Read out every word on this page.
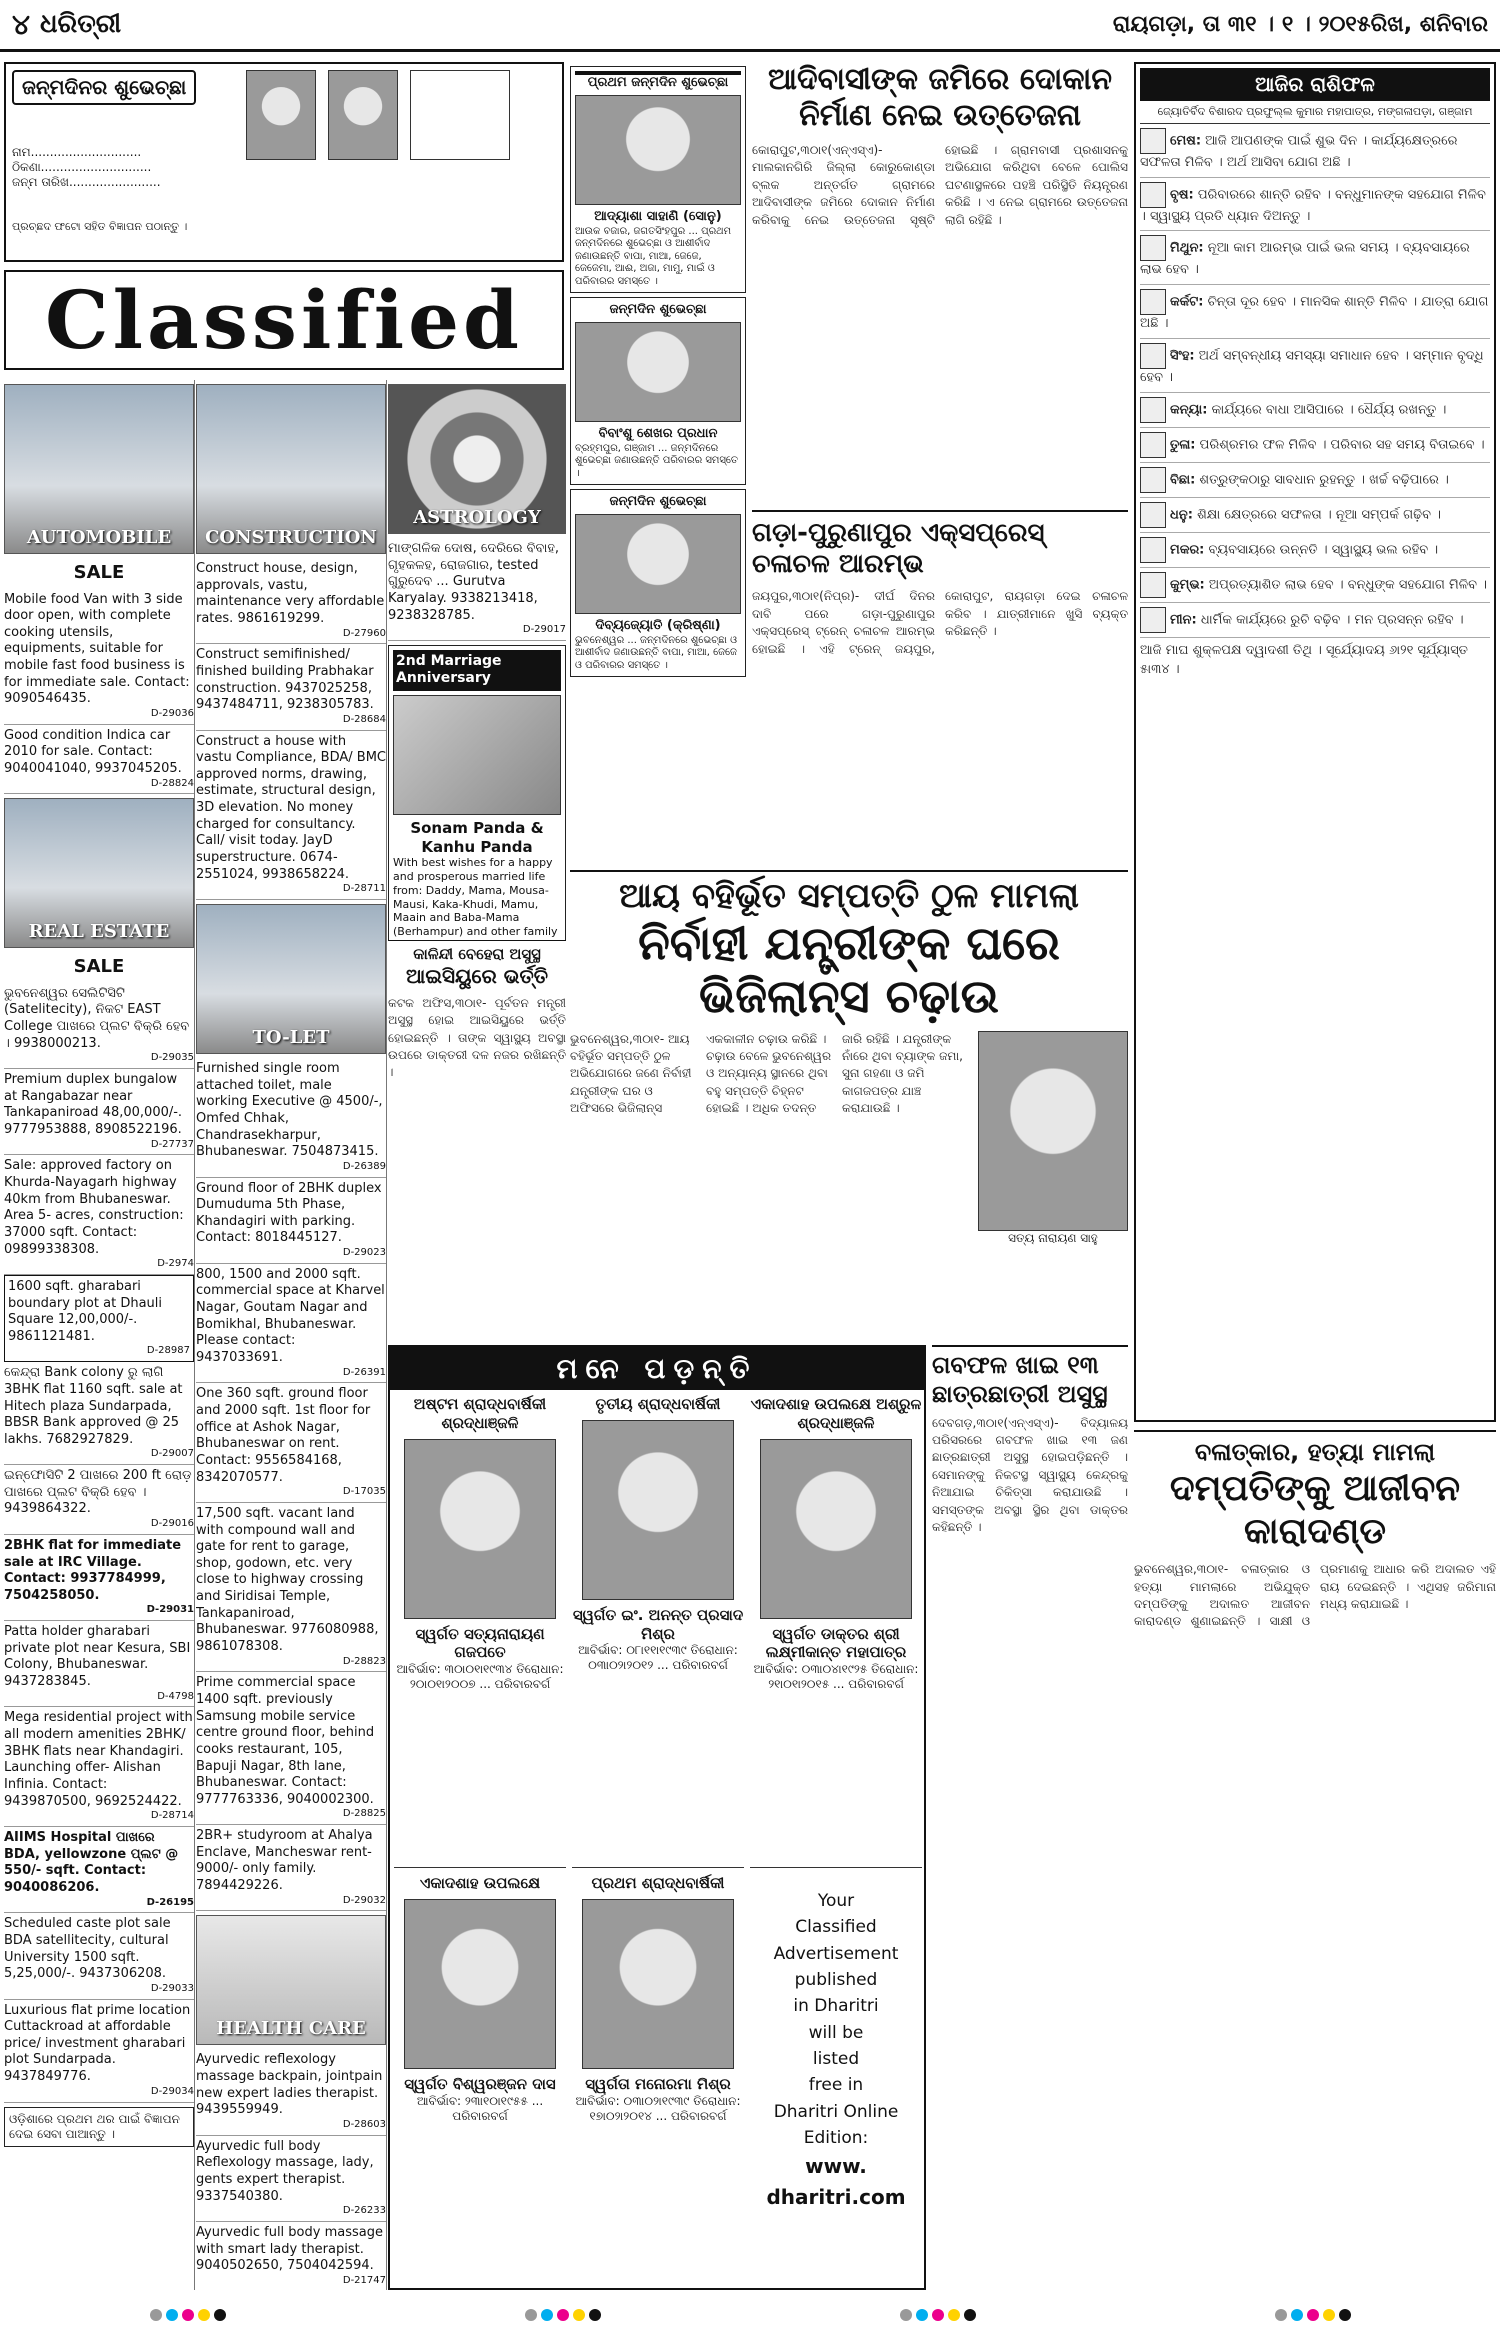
୪ ଧରିତ୍ରୀ	ରାୟଗଡ଼ା, ତା ୩୧ । ୧ । ୨୦୧୫ରିଖ, ଶନିବାର
ଜନ୍ମଦିନର ଶୁଭେଚ୍ଛା
ନାମ.............................
ଠିକଣା.............................
ଜନ୍ମ ତାରିଖ........................
ପ୍ରଚ୍ଛଦ ଫଟୋ ସହିତ ବିଜ୍ଞାପନ ପଠାନ୍ତୁ ।
Classified
AUTOMOBILE
SALE
Mobile food Van with 3 side door open, with complete cooking utensils, equipments, suitable for mobile fast food business is for immediate sale. Contact: 9090546435.
D-29036
Good condition Indica car 2010 for sale. Contact: 9040041040, 9937045205.
D-28824
REAL ESTATE
SALE
ଭୁବନେଶ୍ୱର ସେଲିଟିସିଟି (Satelitecity), ନିକଟ EAST College ପାଖରେ ପ୍ଲଟ ବିକ୍ରି ହେବ । 9938000213.
D-29035
Premium duplex bungalow at Rangabazar near Tankapaniroad 48,00,000/-. 9777953888, 8908522196.
D-27737
Sale: approved factory on Khurda-Nayagarh highway 40km from Bhubaneswar. Area 5- acres, construction: 37000 sqft. Contact: 09899338308.
D-2974
1600 sqft. gharabari boundary plot at Dhauli Square 12,00,000/-. 9861121481.
D-28987
କେନ୍ଦ୍ରା Bank colony ରୁ ଲାଗି 3BHK flat 1160 sqft. sale at Hitech plaza Sundarpada, BBSR Bank approved @ 25 lakhs. 7682927829.
D-29007
ଇନ୍‌ଫୋସିଟି 2 ପାଖରେ 200 ft ରୋଡ଼ ପାଖରେ ପ୍ଲଟ ବିକ୍ରି ହେବ । 9439864322.
D-29016
2BHK flat for immediate sale at IRC Village. Contact: 9937784999, 7504258050.
D-29031
Patta holder gharabari private plot near Kesura, SBI Colony, Bhubaneswar. 9437283845.
D-4798
Mega residential project with all modern amenities 2BHK/ 3BHK flats near Khandagiri. Launching offer- Alishan Infinia. Contact: 9439870500, 9692524422.
D-28714
AIIMS Hospital ପାଖରେ BDA, yellowzone ପ୍ଲଟ @ 550/- sqft. Contact: 9040086206.
D-26195
Scheduled caste plot sale BDA satellitecity, cultural University 1500 sqft. 5,25,000/-. 9437306208.
D-29033
Luxurious flat prime location Cuttackroad at affordable price/ investment gharabari plot Sundarpada. 9437849776.
D-29034
ଓଡ଼ିଶାରେ ପ୍ରଥମ ଥର ପାଇଁ ବିଜ୍ଞାପନ ଦେଇ ସେବା ପାଆନ୍ତୁ ।
CONSTRUCTION
Construct house, design, approvals, vastu, maintenance very affordable rates. 9861619299.
D-27960
Construct semifinished/ finished building Prabhakar construction. 9437025258, 9437484711, 9238305783.
D-28684
Construct a house with vastu Compliance, BDA/ BMC approved norms, drawing, estimate, structural design, 3D elevation. No money charged for consultancy. Call/ visit today. JayD superstructure. 0674-2551024, 9938658224.
D-28711
TO-LET
Furnished single room attached toilet, male working Executive @ 4500/-, Omfed Chhak, Chandrasekharpur, Bhubaneswar. 7504873415.
D-26389
Ground floor of 2BHK duplex Dumuduma 5th Phase, Khandagiri with parking. Contact: 8018445127.
D-29023
800, 1500 and 2000 sqft. commercial space at Kharvel Nagar, Goutam Nagar and Bomikhal, Bhubaneswar. Please contact: 9437033691.
D-26391
One 360 sqft. ground floor and 2000 sqft. 1st floor for office at Ashok Nagar, Bhubaneswar on rent. Contact: 9556584168, 8342070577.
D-17035
17,500 sqft. vacant land with compound wall and gate for rent to garage, shop, godown, etc. very close to highway crossing and Siridisai Temple, Tankapaniroad, Bhubaneswar. 9776080988, 9861078308.
D-28823
Prime commercial space 1400 sqft. previously Samsung mobile service centre ground floor, behind cooks restaurant, 105, Bapuji Nagar, 8th lane, Bhubaneswar. Contact: 9777763336, 9040002300.
D-28825
2BR+ studyroom at Ahalya Enclave, Mancheswar rent- 9000/- only family. 7894429226.
D-29032
HEALTH CARE
Ayurvedic reflexology massage backpain, jointpain new expert ladies therapist. 9439559949.
D-28603
Ayurvedic full body Reflexology massage, lady, gents expert therapist. 9337540380.
D-26233
Ayurvedic full body massage with smart lady therapist. 9040502650, 7504042594.
D-21747
ASTROLOGY
ମାଙ୍ଗଳିକ ଦୋଷ, ଦେରିରେ ବିବାହ, ଗୃହକଳହ, ରୋଜଗାର, tested ଗୁରୁଦେବ ... Gurutva Karyalay. 9338213418, 9238328785.
D-29017
2nd Marriage Anniversary
Sonam Panda & Kanhu Panda
With best wishes for a happy and prosperous married life from: Daddy, Mama, Mousa-Mausi, Kaka-Khudi, Mamu, Maain and Baba-Mama (Berhampur) and other family
ପ୍ରଥମ ଜନ୍ମଦିନ ଶୁଭେଚ୍ଛା
ଆଦ୍ୟାଶା ସାହାଣି (ସୋନୁ)
ଆଉକ ବଜାର, ଜଗତସିଂହପୁର ... ପ୍ରଥମ ଜନ୍ମଦିନରେ ଶୁଭେଚ୍ଛା ଓ ଆଶୀର୍ବାଦ ଜଣାଉଛନ୍ତି ବାପା, ମାଆ, ଜେଜେ, ଜେଜେମା, ଆଈ, ଅଜା, ମାମୁ, ମାଇଁ ଓ ପରିବାରର ସମସ୍ତେ ।
ଜନ୍ମଦିନ ଶୁଭେଚ୍ଛା
ବିବାଂଶୁ ଶେଖର ପ୍ରଧାନ
ବ୍ରହ୍ମପୁର, ଗଞ୍ଜାମ ... ଜନ୍ମଦିନରେ ଶୁଭେଚ୍ଛା ଜଣାଉଛନ୍ତି ପରିବାରର ସମସ୍ତେ ।
ଜନ୍ମଦିନ ଶୁଭେଚ୍ଛା
ଦିବ୍ୟଜ୍ୟୋତି (କ୍ରିଷ୍ଣା)
ଭୁବନେଶ୍ୱର ... ଜନ୍ମଦିନରେ ଶୁଭେଚ୍ଛା ଓ ଆଶୀର୍ବାଦ ଜଣାଉଛନ୍ତି ବାପା, ମାଆ, ଜେଜେ ଓ ପରିବାରର ସମସ୍ତେ ।
ଆଦିବାସୀଙ୍କ ଜମିରେ ଦୋକାନ ନିର୍ମାଣ ନେଇ ଉତ୍ତେଜନା
କୋରାପୁଟ,୩୦ା୧(ଏନ୍ଏସ୍‌ଏ)- ମାଲକାନଗିରି ଜିଲ୍ଲା କୋରୁକୋଣ୍ଡା ବ୍ଲକ ଅନ୍ତର୍ଗତ ଗ୍ରାମରେ ଆଦିବାସୀଙ୍କ ଜମିରେ ଦୋକାନ ନିର୍ମାଣ କରିବାକୁ ନେଇ ଉତ୍ତେଜନା ସୃଷ୍ଟି ହୋଇଛି । ଗ୍ରାମବାସୀ ପ୍ରଶାସନକୁ ଅଭିଯୋଗ କରିଥିବା ବେଳେ ପୋଲିସ ଘଟଣାସ୍ଥଳରେ ପହଞ୍ଚି ପରିସ୍ଥିତି ନିୟନ୍ତ୍ରଣ କରିଛି । ଏ ନେଇ ଗ୍ରାମରେ ଉତ୍ତେଜନା ଲାଗି ରହିଛି ।
ଗଡ଼ା-ପୁରୁଣାପୁର ଏକ୍ସପ୍ରେସ୍ ଚଳାଚଳ ଆରମ୍ଭ
ଜୟପୁର,୩୦ା୧(ନିପ୍ର)- ଦୀର୍ଘ ଦିନର ଦାବି ପରେ ଗଡ଼ା-ପୁରୁଣାପୁର ଏକ୍ସପ୍ରେସ୍ ଟ୍ରେନ୍ ଚଳାଚଳ ଆରମ୍ଭ ହୋଇଛି । ଏହି ଟ୍ରେନ୍ ଜୟପୁର, କୋରାପୁଟ, ରାୟଗଡ଼ା ଦେଇ ଚଳାଚଳ କରିବ । ଯାତ୍ରୀମାନେ ଖୁସି ବ୍ୟକ୍ତ କରିଛନ୍ତି ।
ଆୟ ବହିର୍ଭୂତ ସମ୍ପତ୍ତି ଠୁଳ ମାମଲା
ନିର୍ବାହୀ ଯନ୍ତ୍ରୀଙ୍କ ଘରେ ଭିଜିଲାନ୍ସ ଚଢ଼ାଉ
ଭୁବନେଶ୍ୱର,୩୦ା୧- ଆୟ ବହିର୍ଭୂତ ସମ୍ପତ୍ତି ଠୁଳ ଅଭିଯୋଗରେ ଜଣେ ନିର୍ବାହୀ ଯନ୍ତ୍ରୀଙ୍କ ଘର ଓ ଅଫିସରେ ଭିଜିଲାନ୍ସ ଏକକାଳୀନ ଚଢ଼ାଉ କରିଛି । ଚଢ଼ାଉ ବେଳେ ଭୁବନେଶ୍ୱର ଓ ଅନ୍ୟାନ୍ୟ ସ୍ଥାନରେ ଥିବା ବହୁ ସମ୍ପତ୍ତି ଚିହ୍ନଟ ହୋଇଛି । ଅଧିକ ତଦନ୍ତ ଜାରି ରହିଛି । ଯନ୍ତ୍ରୀଙ୍କ ନାଁରେ ଥିବା ବ୍ୟାଙ୍କ ଜମା, ସୁନା ଗହଣା ଓ ଜମି କାଗଜପତ୍ର ଯାଞ୍ଚ କରାଯାଉଛି ।
ସତ୍ୟ ନାରାୟଣ ସାହୁ
କାଳିନ୍ଦୀ ବେହେରା ଅସୁସ୍ଥ
ଆଇସିୟୁରେ ଭର୍ତ୍ତି
କଟକ ଅଫିସ,୩୦ା୧- ପୂର୍ବତନ ମନ୍ତ୍ରୀ ଅସୁସ୍ଥ ହୋଇ ଆଇସିୟୁରେ ଭର୍ତ୍ତି ହୋଇଛନ୍ତି । ତାଙ୍କ ସ୍ୱାସ୍ଥ୍ୟ ଅବସ୍ଥା ଉପରେ ଡାକ୍ତରୀ ଦଳ ନଜର ରଖିଛନ୍ତି ।
ମନେ ପଡ଼ନ୍ତି
ଅଷ୍ଟମ ଶ୍ରାଦ୍ଧବାର୍ଷିକୀ ଶ୍ରଦ୍ଧାଞ୍ଜଳି
ସ୍ୱର୍ଗତ ସତ୍ୟନାରାୟଣ ଗଜପତେ
ଆବିର୍ଭାବ: ୩୦ା୦୧ା୧୯୩୪ ତିରୋଧାନ: ୨୦ା୦୧ା୨୦୦୭ ... ପରିବାରବର୍ଗ
ତୃତୀୟ ଶ୍ରାଦ୍ଧବାର୍ଷିକୀ
ସ୍ୱର୍ଗତ ଇଂ. ଅନନ୍ତ ପ୍ରସାଦ ମିଶ୍ର
ଆବିର୍ଭାବ: ୦୮ା୧୧ା୧୯୩୯ ତିରୋଧାନ: ୦୩ା୦୨ା୨୦୧୨ ... ପରିବାରବର୍ଗ
ଏକାଦଶାହ ଉପଲକ୍ଷେ ଅଶ୍ରୁଳ ଶ୍ରଦ୍ଧାଞ୍ଜଳି
ସ୍ୱର୍ଗତ ଡାକ୍ତର ଶ୍ରୀ ଲକ୍ଷ୍ମୀକାନ୍ତ ମହାପାତ୍ର
ଆବିର୍ଭାବ: ୦୩ା୦୪ା୧୯୨୫ ତିରୋଧାନ: ୨୧ା୦୧ା୨୦୧୫ ... ପରିବାରବର୍ଗ
ଏକାଦଶାହ ଉପଲକ୍ଷେ
ସ୍ୱର୍ଗତ ବିଶ୍ୱରଞ୍ଜନ ଦାସ
ଆବିର୍ଭାବ: ୨୩ା୧୦ା୧୯୫୫ ... ପରିବାରବର୍ଗ
ପ୍ରଥମ ଶ୍ରାଦ୍ଧବାର୍ଷିକୀ
ସ୍ୱର୍ଗତା ମନୋରମା ମିଶ୍ର
ଆବିର୍ଭାବ: ୦୩ା୦୨ା୧୯୩୯ ତିରୋଧାନ: ୧୭ା୦୨ା୨୦୧୪ ... ପରିବାରବର୍ଗ
Your
Classified
Advertisement
published
in Dharitri
will be
listed
free in
Dharitri Online
Edition:
www.
dharitri.com
ଗବଫଳ ଖାଇ ୧୩ ଛାତ୍ରଛାତ୍ରୀ ଅସୁସ୍ଥ
ଦେବଗଡ଼,୩୦ା୧(ଏନ୍ଏସ୍‌ଏ)- ବିଦ୍ୟାଳୟ ପରିସରରେ ଗବଫଳ ଖାଇ ୧୩ ଜଣ ଛାତ୍ରଛାତ୍ରୀ ଅସୁସ୍ଥ ହୋଇପଡ଼ିଛନ୍ତି । ସେମାନଙ୍କୁ ନିକଟସ୍ଥ ସ୍ୱାସ୍ଥ୍ୟ କେନ୍ଦ୍ରକୁ ନିଆଯାଇ ଚିକିତ୍ସା କରାଯାଉଛି । ସମସ୍ତଙ୍କ ଅବସ୍ଥା ସ୍ଥିର ଥିବା ଡାକ୍ତର କହିଛନ୍ତି ।
ଆଜିର ରାଶିଫଳ
ଜ୍ୟୋତିର୍ବିଦ ବିଶାରଦ ପ୍ରଫୁଲ୍ଲ କୁମାର ମହାପାତ୍ର, ମଙ୍ଗଳାପଡ଼ା, ଗଞ୍ଜାମ
ମେଷ: ଆଜି ଆପଣଙ୍କ ପାଇଁ ଶୁଭ ଦିନ । କାର୍ଯ୍ୟକ୍ଷେତ୍ରରେ ସଫଳତା ମିଳିବ । ଅର୍ଥ ଆସିବା ଯୋଗ ଅଛି ।
ବୃଷ: ପରିବାରରେ ଶାନ୍ତି ରହିବ । ବନ୍ଧୁମାନଙ୍କ ସହଯୋଗ ମିଳିବ । ସ୍ୱାସ୍ଥ୍ୟ ପ୍ରତି ଧ୍ୟାନ ଦିଅନ୍ତୁ ।
ମିଥୁନ: ନୂଆ କାମ ଆରମ୍ଭ ପାଇଁ ଭଲ ସମୟ । ବ୍ୟବସାୟରେ ଲାଭ ହେବ ।
କର୍କଟ: ଚିନ୍ତା ଦୂର ହେବ । ମାନସିକ ଶାନ୍ତି ମିଳିବ । ଯାତ୍ରା ଯୋଗ ଅଛି ।
ସିଂହ: ଅର୍ଥ ସମ୍ବନ୍ଧୀୟ ସମସ୍ୟା ସମାଧାନ ହେବ । ସମ୍ମାନ ବୃଦ୍ଧି ହେବ ।
କନ୍ୟା: କାର୍ଯ୍ୟରେ ବାଧା ଆସିପାରେ । ଧୈର୍ଯ୍ୟ ରଖନ୍ତୁ ।
ତୁଳା: ପରିଶ୍ରମର ଫଳ ମିଳିବ । ପରିବାର ସହ ସମୟ ବିତାଇବେ ।
ବିଛା: ଶତ୍ରୁଙ୍କଠାରୁ ସାବଧାନ ରୁହନ୍ତୁ । ଖର୍ଚ୍ଚ ବଢ଼ିପାରେ ।
ଧନୁ: ଶିକ୍ଷା କ୍ଷେତ୍ରରେ ସଫଳତା । ନୂଆ ସମ୍ପର୍କ ଗଢ଼ିବ ।
ମକର: ବ୍ୟବସାୟରେ ଉନ୍ନତି । ସ୍ୱାସ୍ଥ୍ୟ ଭଲ ରହିବ ।
କୁମ୍ଭ: ଅପ୍ରତ୍ୟାଶିତ ଲାଭ ହେବ । ବନ୍ଧୁଙ୍କ ସହଯୋଗ ମିଳିବ ।
ମୀନ: ଧାର୍ମିକ କାର୍ଯ୍ୟରେ ରୁଚି ବଢ଼ିବ । ମନ ପ୍ରସନ୍ନ ରହିବ ।
ଆଜି ମାଘ ଶୁକ୍ଳପକ୍ଷ ଦ୍ୱାଦଶୀ ତିଥି । ସୂର୍ଯ୍ୟୋଦୟ ୬ା୨୧ ସୂର୍ଯ୍ୟାସ୍ତ ୫ା୩୪ ।
ବଳାତ୍କାର, ହତ୍ୟା ମାମଲା
ଦମ୍ପତିଙ୍କୁ ଆଜୀବନ କାରାଦଣ୍ଡ
ଭୁବନେଶ୍ୱର,୩୦ା୧- ବଳାତ୍କାର ଓ ହତ୍ୟା ମାମଲାରେ ଅଭିଯୁକ୍ତ ଦମ୍ପତିଙ୍କୁ ଅଦାଲତ ଆଜୀବନ କାରାଦଣ୍ଡ ଶୁଣାଇଛନ୍ତି । ସାକ୍ଷୀ ଓ ପ୍ରମାଣକୁ ଆଧାର କରି ଅଦାଲତ ଏହି ରାୟ ଦେଇଛନ୍ତି । ଏଥିସହ ଜରିମାନା ମଧ୍ୟ କରାଯାଇଛି ।
